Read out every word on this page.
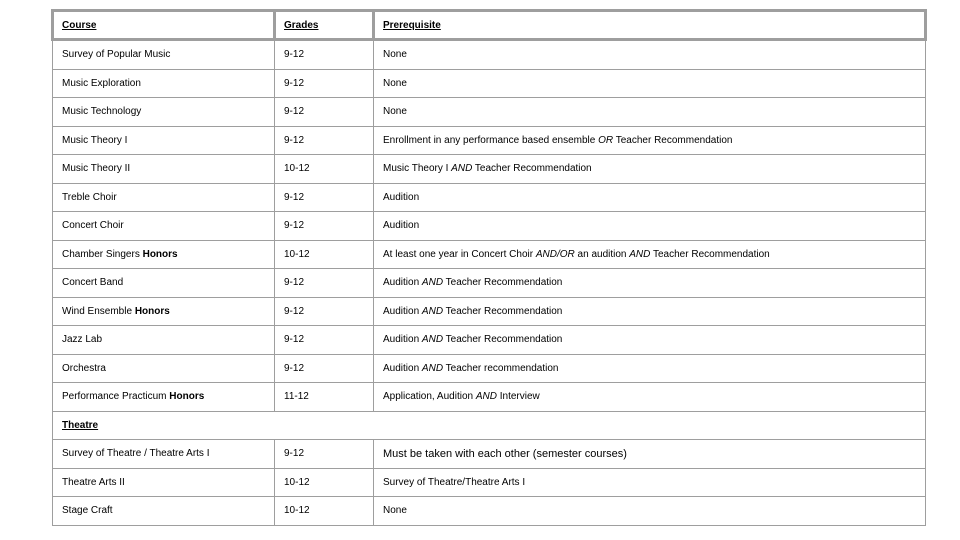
Course	Grades	Prerequisite
Survey of Popular Music	9-12	None
Music Exploration	9-12	None
Music Technology	9-12	None
Music Theory I	9-12	Enrollment in any performance based ensemble OR Teacher Recommendation
Music Theory II	10-12	Music Theory I AND Teacher Recommendation
Treble Choir	9-12	Audition
Concert Choir	9-12	Audition
Chamber Singers Honors	10-12	At least one year in Concert Choir AND/OR an audition AND Teacher Recommendation
Concert Band	9-12	Audition AND Teacher Recommendation
Wind Ensemble Honors	9-12	Audition AND Teacher Recommendation
Jazz Lab	9-12	Audition AND Teacher Recommendation
Orchestra	9-12	Audition AND Teacher recommendation
Performance Practicum Honors	11-12	Application, Audition AND Interview
Theatre		
Survey of Theatre / Theatre Arts I	9-12	Must be taken with each other (semester courses)
Theatre Arts II	10-12	Survey of Theatre/Theatre Arts I
Stage Craft	10-12	None
